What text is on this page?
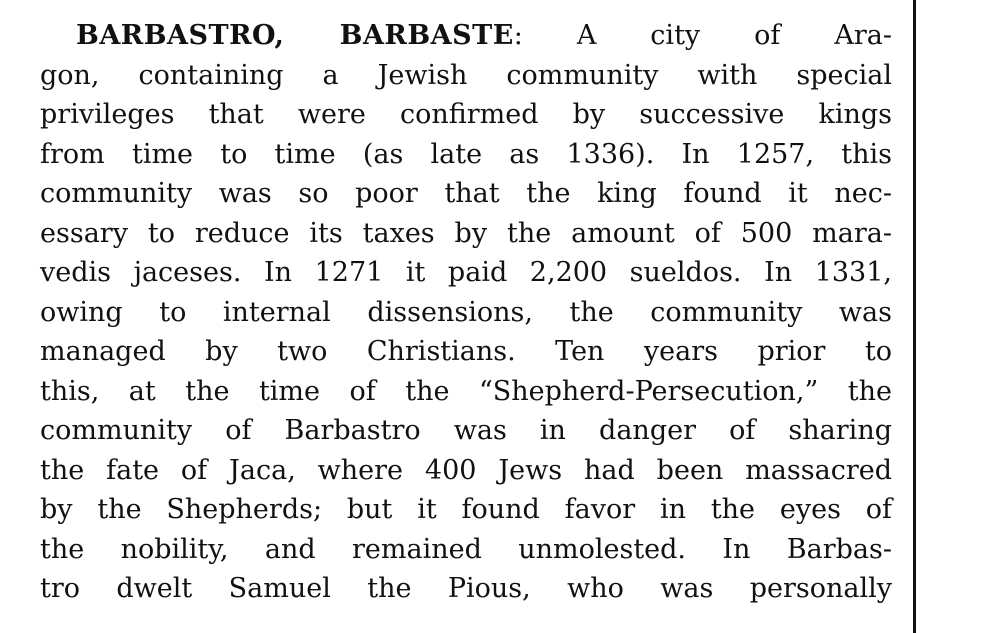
BARBASTRO, BARBASTE: A city of Ara-
gon, containing a Jewish community with special
privileges that were confirmed by successive kings
from time to time (as late as 1336). In 1257, this
community was so poor that the king found it nec-
essary to reduce its taxes by the amount of 500 mara-
vedis jaceses. In 1271 it paid 2,200 sueldos. In 1331,
owing to internal dissensions, the community was
managed by two Christians. Ten years prior to
this, at the time of the “Shepherd-Persecution,” the
community of Barbastro was in danger of sharing
the fate of Jaca, where 400 Jews had been massacred
by the Shepherds; but it found favor in the eyes of
the nobility, and remained unmolested. In Barbas-
tro dwelt Samuel the Pious, who was personally
